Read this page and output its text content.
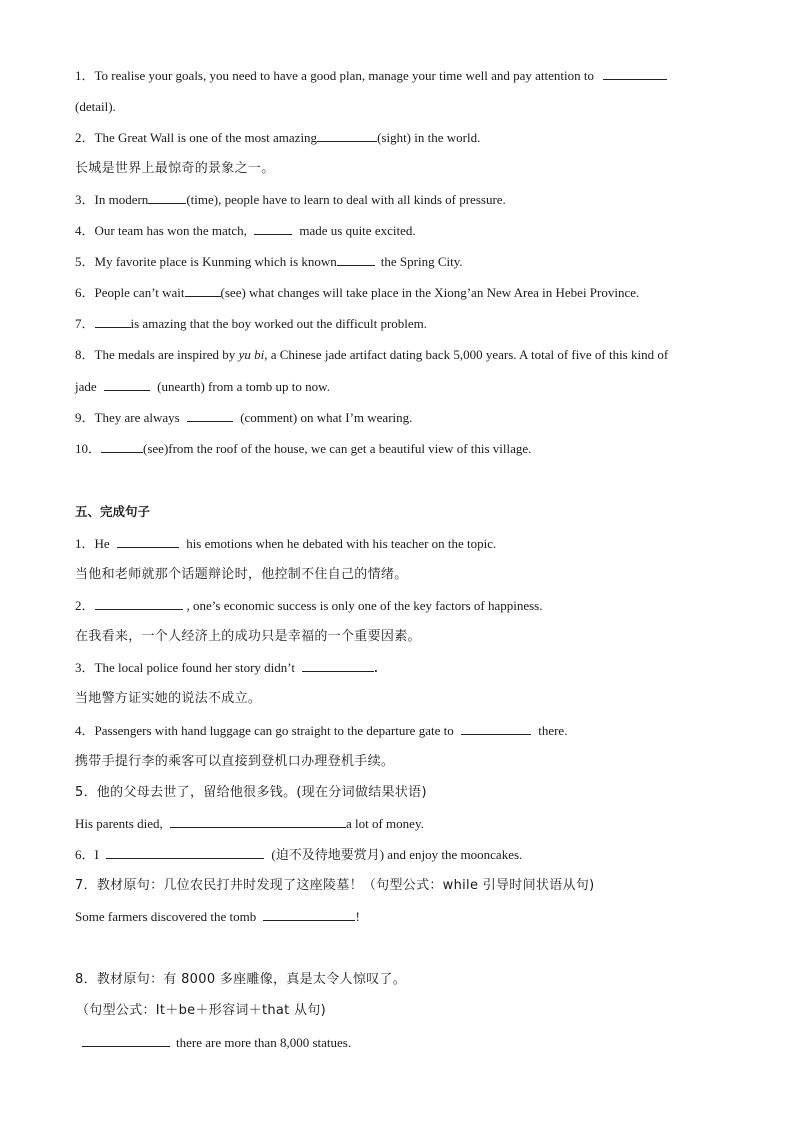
1．To realise your goals, you need to have a good plan, manage your time well and pay attention to
(detail).
2．The Great Wall is one of the most amazing	(sight) in the world.
长城是世界上最惊奇的景象之一。
3．In modern	(time), people have to learn to deal with all kinds of pressure.
4．Our team has won the match,	made us quite excited.
5．My favorite place is Kunming which is known	the Spring City.
6．People can’t wait	(see) what changes will take place in the Xiong’an New Area in Hebei Province.
7．	is amazing that the boy worked out the difficult problem.
8．The medals are inspired by yu bi, a Chinese jade artifact dating back 5,000 years. A total of five of this kind of
jade	(unearth) from a tomb up to now.
9．They are always	(comment) on what I’m wearing.
10．	(see)from the roof of the house, we can get a beautiful view of this village.
五、完成句子
1．He	his emotions when he debated with his teacher on the topic.
当他和老师就那个话题辩论时，他控制不住自己的情绪。
2．	, one’s economic success is only one of the key factors of happiness.
在我看来，一个人经济上的成功只是幸福的一个重要因素。
3．The local police found her story didn’t	.
当地警方证实她的说法不成立。
4．Passengers with hand luggage can go straight to the departure gate to	there.
携带手提行李的乘客可以直接到登机口办理登机手续。
5．他的父母去世了，留给他很多钱。(现在分词做结果状语)
His parents died,	a lot of money.
6．I	(迫不及待地要赏月) and enjoy the mooncakes.
7．教材原句：几位农民打井时发现了这座陵墓！（句型公式：while 引导时间状语从句)
Some farmers discovered the tomb	!
8．教材原句：有 8000 多座雕像，真是太令人惊叹了。
（句型公式：It＋be＋形容词＋that 从句)
there are more than 8,000 statues.
